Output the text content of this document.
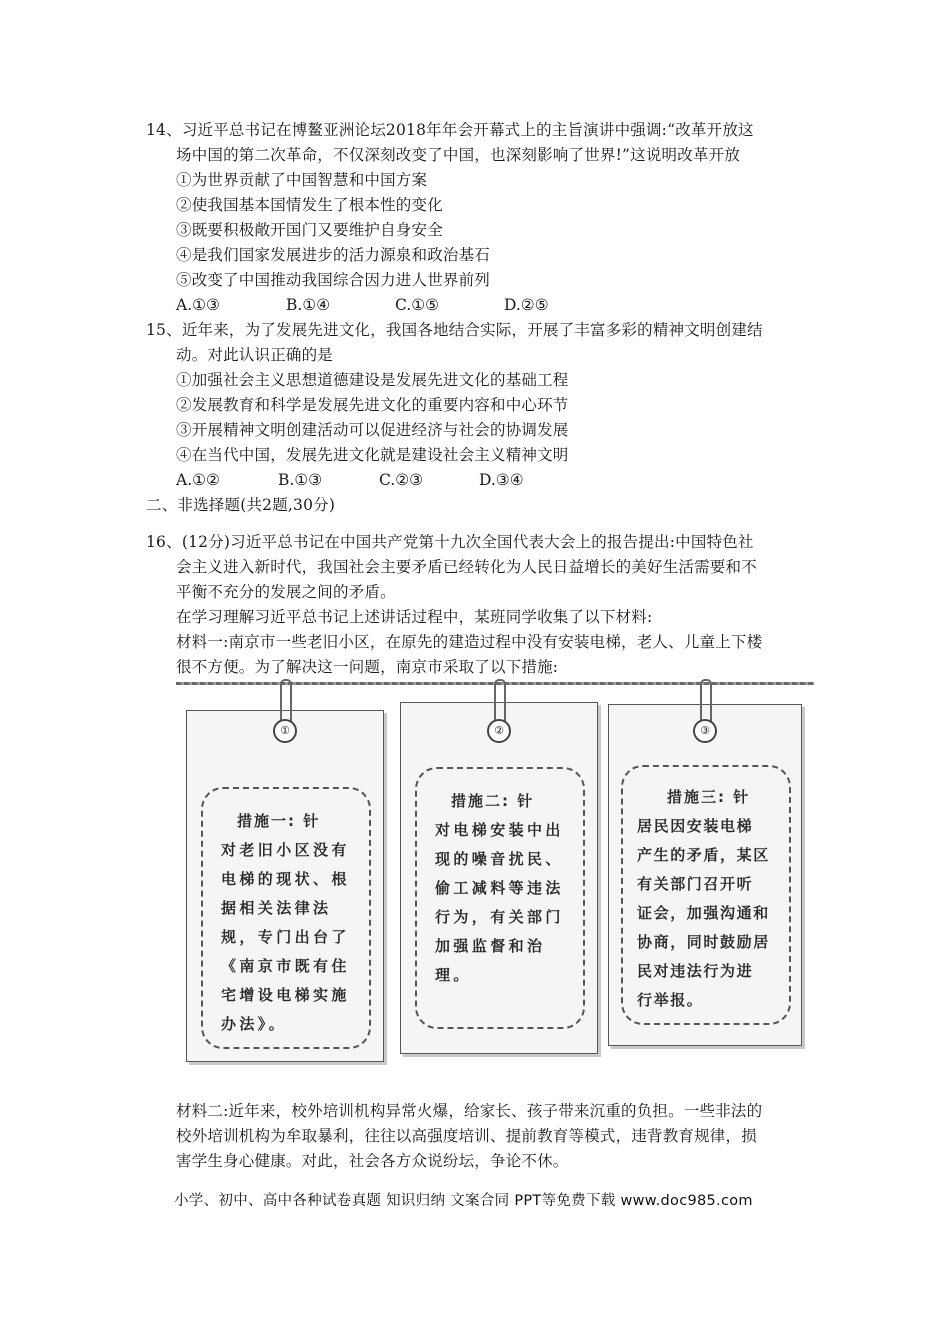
14、习近平总书记在博鳌亚洲论坛2018年年会开幕式上的主旨演讲中强调:“改革开放这
场中国的第二次革命，不仅深刻改变了中国，也深刻影响了世界!”这说明改革开放
①为世界贡献了中国智慧和中国方案
②使我国基本国情发生了根本性的变化
③既要积极敞开国门又要维护自身安全
④是我们国家发展进步的活力源泉和政治基石
⑤改变了中国推动我国综合因力进人世界前列
A.①③	B.①④	C.①⑤	D.②⑤
15、近年来，为了发展先进文化，我国各地结合实际，开展了丰富多彩的精神文明创建结
动。对此认识正确的是
①加强社会主义思想道德建设是发展先进文化的基础工程
②发展教育和科学是发展先进文化的重要内容和中心环节
③开展精神文明创建活动可以促进经济与社会的协调发展
④在当代中国，发展先进文化就是建设社会主义精神文明
A.①②	B.①③	C.②③	D.③④
二、非选择题(共2题,30分)
16、(12分)习近平总书记在中国共产党第十九次全国代表大会上的报告提出:中国特色社
会主义进入新时代，我国社会主要矛盾已经转化为人民日益增长的美好生活需要和不
平衡不充分的发展之间的矛盾。
在学习理解习近平总书记上述讲话过程中，某班同学收集了以下材料:
材料一:南京市一些老旧小区，在原先的建造过程中没有安装电梯，老人、儿童上下楼
很不方便。为了解决这一问题，南京市采取了以下措施:
①
措施一: 针
对老旧小区没有
电梯的现状、根
据相关法律法
规，专门出台了
《南京市既有住
宅增设电梯实施
办法》。
②
措施二: 针
对电梯安装中出
现的噪音扰民、
偷工减料等违法
行为，有关部门
加强监督和治
理。
③
措施三: 针
居民因安装电梯
产生的矛盾，某区
有关部门召开听
证会，加强沟通和
协商，同时鼓励居
民对违法行为进
行举报。
材料二:近年来，校外培训机构异常火爆，给家长、孩子带来沉重的负担。一些非法的
校外培训机构为牟取暴利，往往以高强度培训、提前教育等模式，违背教育规律，损
害学生身心健康。对此，社会各方众说纷坛，争论不休。
小学、初中、高中各种试卷真题 知识归纳 文案合同 PPT等免费下载 www.doc985.com
